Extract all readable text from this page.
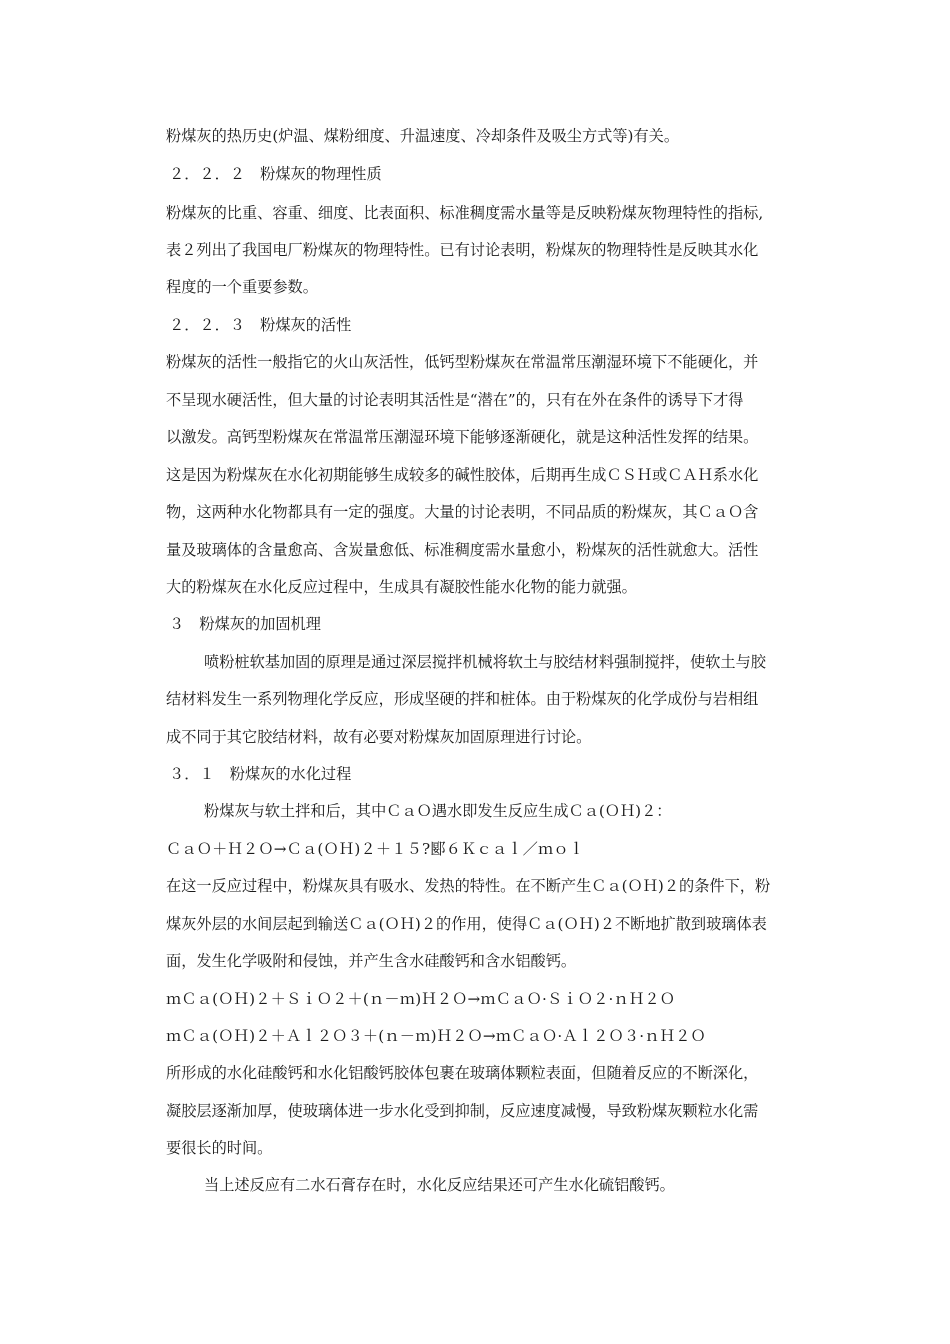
粉煤灰的热历史(炉温、煤粉细度、升温速度、冷却条件及吸尘方式等)有关。
２．２．２　粉煤灰的物理性质
粉煤灰的比重、容重、细度、比表面积、标准稠度需水量等是反映粉煤灰物理特性的指标,
表２列出了我国电厂粉煤灰的物理特性。已有讨论表明，粉煤灰的物理特性是反映其水化
程度的一个重要参数。
２．２．３　粉煤灰的活性
粉煤灰的活性一般指它的火山灰活性，低钙型粉煤灰在常温常压潮湿环境下不能硬化，并
不呈现水硬活性，但大量的讨论表明其活性是“潜在”的，只有在外在条件的诱导下才得
以激发。高钙型粉煤灰在常温常压潮湿环境下能够逐渐硬化，就是这种活性发挥的结果。
这是因为粉煤灰在水化初期能够生成较多的碱性胶体，后期再生成ＣＳＨ或ＣＡＨ系水化
物，这两种水化物都具有一定的强度。大量的讨论表明，不同品质的粉煤灰，其ＣａＯ含
量及玻璃体的含量愈高、含炭量愈低、标准稠度需水量愈小，粉煤灰的活性就愈大。活性
大的粉煤灰在水化反应过程中，生成具有凝胶性能水化物的能力就强。
３　粉煤灰的加固机理
喷粉桩软基加固的原理是通过深层搅拌机械将软土与胶结材料强制搅拌，使软土与胶
结材料发生一系列物理化学反应，形成坚硬的拌和桩体。由于粉煤灰的化学成份与岩相组
成不同于其它胶结材料，故有必要对粉煤灰加固原理进行讨论。
３．１　粉煤灰的水化过程
粉煤灰与软土拌和后，其中ＣａＯ遇水即发生反应生成Ｃａ(ＯＨ)２：
ＣａＯ＋Ｈ２Ｏ→Ｃａ(ＯＨ)２＋１５?郾６Ｋｃａｌ／ｍｏｌ
在这一反应过程中，粉煤灰具有吸水、发热的特性。在不断产生Ｃａ(ＯＨ)２的条件下，粉
煤灰外层的水间层起到输送Ｃａ(ＯＨ)２的作用，使得Ｃａ(ＯＨ)２不断地扩散到玻璃体表
面，发生化学吸附和侵蚀，并产生含水硅酸钙和含水铝酸钙。
ｍＣａ(ＯＨ)２＋ＳｉＯ２＋(ｎ－ｍ)Ｈ２Ｏ→ｍＣａＯ·ＳｉＯ２·ｎＨ２Ｏ
ｍＣａ(ＯＨ)２＋Ａｌ２Ｏ３＋(ｎ－ｍ)Ｈ２Ｏ→ｍＣａＯ·Ａｌ２Ｏ３·ｎＨ２Ｏ
所形成的水化硅酸钙和水化铝酸钙胶体包裹在玻璃体颗粒表面，但随着反应的不断深化，
凝胶层逐渐加厚，使玻璃体进一步水化受到抑制，反应速度减慢，导致粉煤灰颗粒水化需
要很长的时间。
当上述反应有二水石膏存在时，水化反应结果还可产生水化硫铝酸钙。
